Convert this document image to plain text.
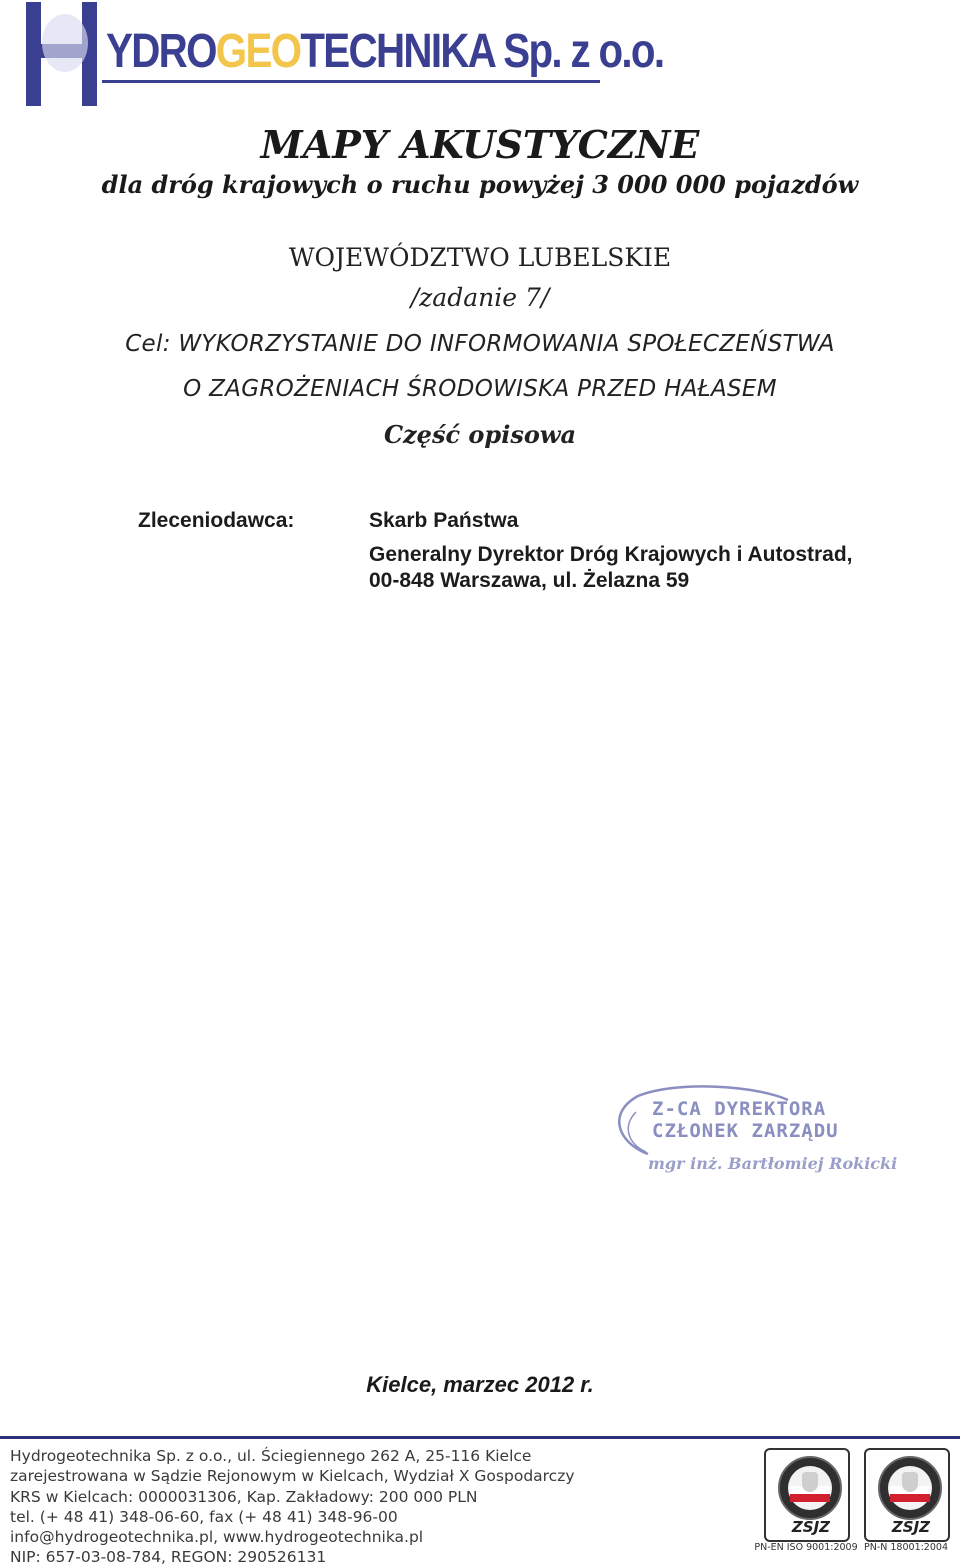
YDROGEOTECHNIKA Sp. z o.o.
MAPY AKUSTYCZNE
dla dróg krajowych o ruchu powyżej 3 000 000 pojazdów
WOJEWÓDZTWO LUBELSKIE
/zadanie 7/
Cel: WYKORZYSTANIE DO INFORMOWANIA SPOŁECZEŃSTWA
O ZAGROŻENIACH ŚRODOWISKA PRZED HAŁASEM
Część opisowa
Zleceniodawca:	Skarb Państwa
Generalny Dyrektor Dróg Krajowych i Autostrad,
00-848 Warszawa, ul. Żelazna 59
Z-CA DYREKTORA
CZŁONEK ZARZĄDU
mgr inż. Bartłomiej Rokicki
Kielce, marzec 2012 r.
Hydrogeotechnika Sp. z o.o., ul. Ściegiennego 262 A, 25-116 Kielce
zarejestrowana w Sądzie Rejonowym w Kielcach, Wydział X Gospodarczy
KRS w Kielcach: 0000031306, Kap. Zakładowy: 200 000 PLN
tel. (+ 48 41) 348-06-60, fax (+ 48 41) 348-96-00
info@hydrogeotechnika.pl, www.hydrogeotechnika.pl
NIP: 657-03-08-784, REGON: 290526131
ZSJZ
PN-EN ISO 9001:2009
ZSJZ
PN-N 18001:2004
